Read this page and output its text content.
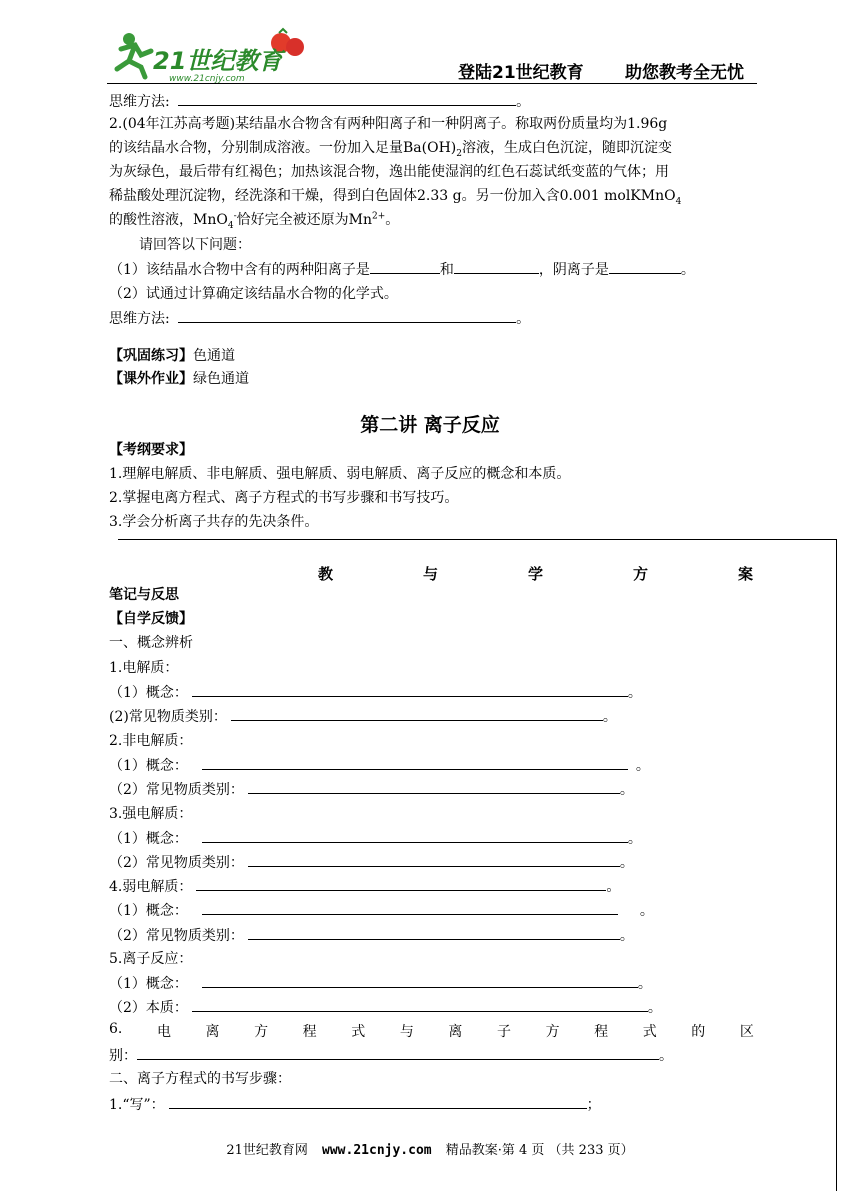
21世纪教育
www.21cnjy.com	登陆21世纪教育 助您教考全无忧
思维方法:	。
2.(04年江苏高考题)某结晶水合物含有两种阳离子和一种阴离子。称取两份质量均为1.96g
的该结晶水合物，分别制成溶液。一份加入足量$Ba(OH)_2$溶液，生成白色沉淀，随即沉淀变
为灰绿色，最后带有红褐色；加热该混合物，逸出能使湿润的红色石蕊试纸变蓝的气体；用
稀盐酸处理沉淀物，经洗涤和干燥，得到白色固体2.33 g。另一份加入含0.001 molKMnO$_4$
的酸性溶液，MnO$_4$-恰好完全被还原为$Mn^{2+}$。
请回答以下问题：
（1）该结晶水合物中含有的两种阳离子是	和	，阴离子是	。
（2）试通过计算确定该结晶水合物的化学式。
思维方法:	。
【巩固练习】色通道
【课外作业】绿色通道
第二讲 离子反应
【考纲要求】
1.理解电解质、非电解质、强电解质、弱电解质、离子反应的概念和本质。
2.掌握电离方程式、离子方程式的书写步骤和书写技巧。
3.学会分析离子共存的先决条件。
教	与	学	方	案
笔记与反思
【自学反馈】
一、概念辨析
1.电解质：
（1）概念：	。
(2)常见物质类别：	。
2.非电解质：
（1）概念：	。
（2）常见物质类别：	。
3.强电解质：
（1）概念：	。
（2）常见物质类别：	。
4.弱电解质：	。
（1）概念：	。
（2）常见物质类别：	。
5.离子反应：
（1）概念：	。
（2）本质：	。
6. 电 离 方 程 式 与 离 子 方 程 式 的 区
别：	。
二、离子方程式的书写步骤：
1.“写”：	；
21世纪教育网 www.21cnjy.com 精品教案·第 4 页 （共 233 页）
